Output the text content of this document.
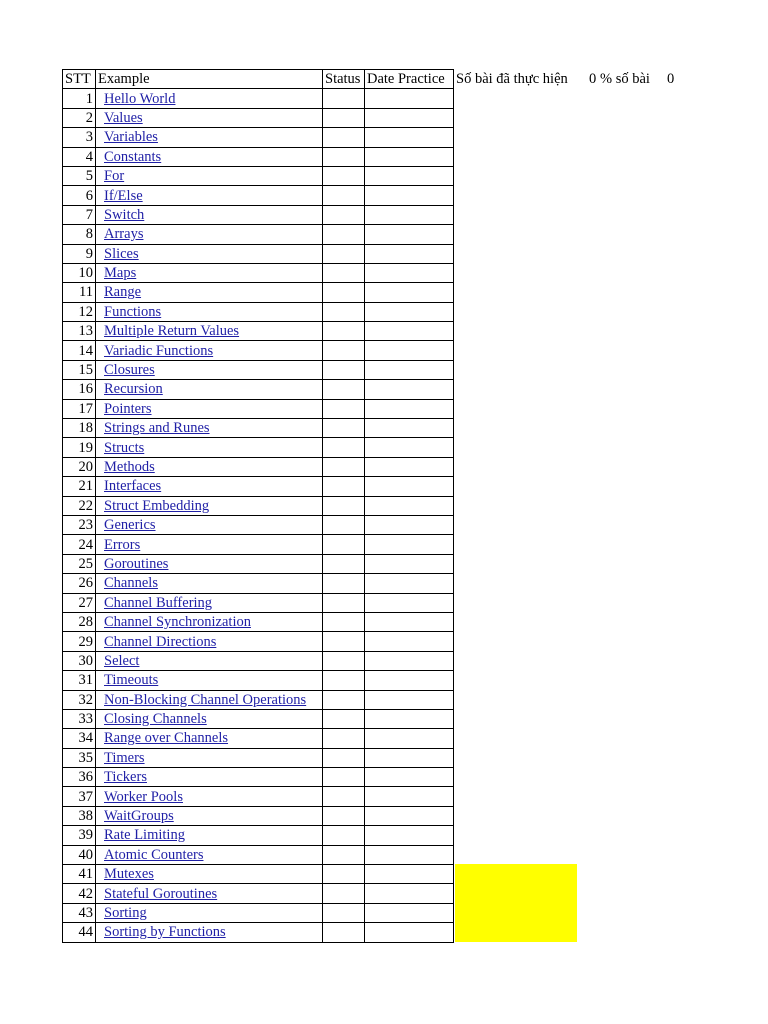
STT	Example	Status	Date Practice
1	Hello World		
2	Values		
3	Variables		
4	Constants		
5	For		
6	If/Else		
7	Switch		
8	Arrays		
9	Slices		
10	Maps		
11	Range		
12	Functions		
13	Multiple Return Values		
14	Variadic Functions		
15	Closures		
16	Recursion		
17	Pointers		
18	Strings and Runes		
19	Structs		
20	Methods		
21	Interfaces		
22	Struct Embedding		
23	Generics		
24	Errors		
25	Goroutines		
26	Channels		
27	Channel Buffering		
28	Channel Synchronization		
29	Channel Directions		
30	Select		
31	Timeouts		
32	Non-Blocking Channel Operations		
33	Closing Channels		
34	Range over Channels		
35	Timers		
36	Tickers		
37	Worker Pools		
38	WaitGroups		
39	Rate Limiting		
40	Atomic Counters		
41	Mutexes		
42	Stateful Goroutines		
43	Sorting		
44	Sorting by Functions		
Số bài đã thực hiện 0 % số bài 0
